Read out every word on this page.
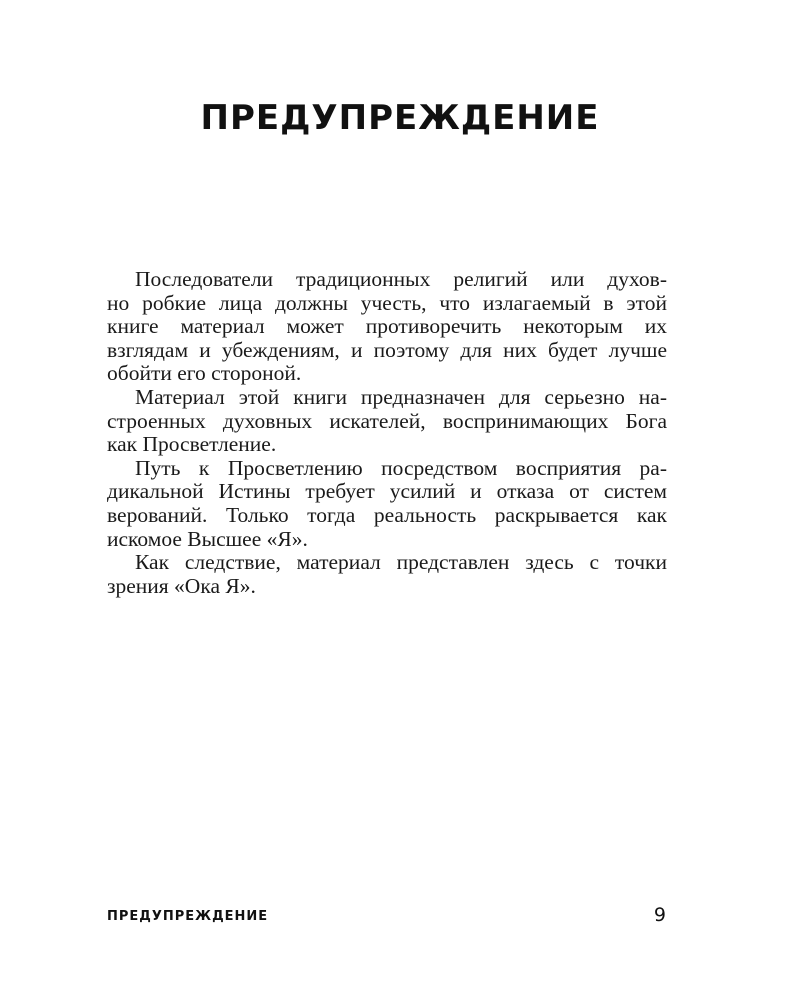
ПРЕДУПРЕЖДЕНИЕ
Последователи традиционных религий или духов-
но робкие лица должны учесть, что излагаемый в этой
книге материал может противоречить некоторым их
взглядам и убеждениям, и поэтому для них будет лучше
обойти его стороной.
Материал этой книги предназначен для серьезно на-
строенных духовных искателей, воспринимающих Бога
как Просветление.
Путь к Просветлению посредством восприятия ра-
дикальной Истины требует усилий и отказа от систем
верований. Только тогда реальность раскрывается как
искомое Высшее «Я».
Как следствие, материал представлен здесь с точки
зрения «Ока Я».
ПРЕДУПРЕЖДЕНИЕ	9
